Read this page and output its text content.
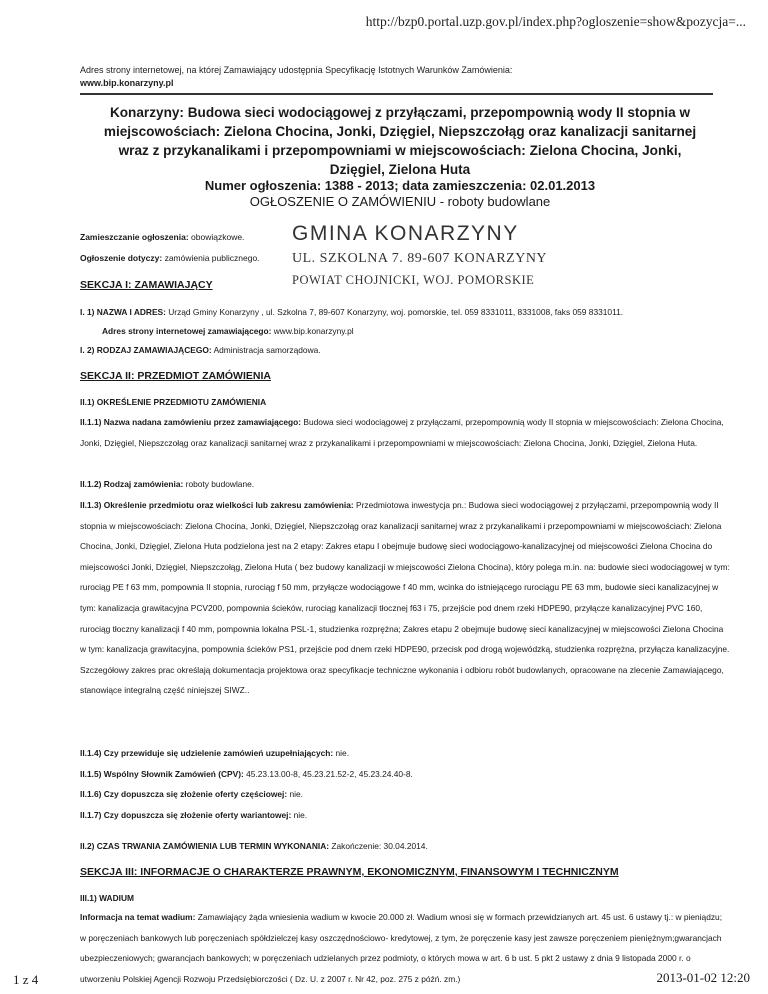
http://bzp0.portal.uzp.gov.pl/index.php?ogloszenie=show&pozycja=...
Adres strony internetowej, na której Zamawiający udostępnia Specyfikację Istotnych Warunków Zamówienia:
www.bip.konarzyny.pl
Konarzyny: Budowa sieci wodociągowej z przyłączami, przepompownią wody II stopnia w miejscowościach: Zielona Chocina, Jonki, Dzięgiel, Niepszczołąg oraz kanalizacji sanitarnej wraz z przykanalikami i przepompowniami w miejscowościach: Zielona Chocina, Jonki, Dzięgiel, Zielona Huta
Numer ogłoszenia: 1388 - 2013; data zamieszczenia: 02.01.2013
OGŁOSZENIE O ZAMÓWIENIU - roboty budowlane
Zamieszczanie ogłoszenia: obowiązkowe.
Ogłoszenie dotyczy: zamówienia publicznego.
GMINA KONARZYNY
UL. SZKOLNA 7. 89-607 KONARZYNY
POWIAT CHOJNICKI, WOJ. POMORSKIE
SEKCJA I: ZAMAWIAJĄCY

I. 1) NAZWA I ADRES: Urząd Gminy Konarzyny , ul. Szkolna 7, 89-607 Konarzyny, woj. pomorskie, tel. 059 8331011, 8331008, faks 059 8331011.

Adres strony internetowej zamawiającego: www.bip.konarzyny.pl

I. 2) RODZAJ ZAMAWIAJĄCEGO: Administracja samorządowa.

SEKCJA II: PRZEDMIOT ZAMÓWIENIA

II.1) OKREŚLENIE PRZEDMIOTU ZAMÓWIENIA

II.1.1) Nazwa nadana zamówieniu przez zamawiającego: Budowa sieci wodociągowej z przyłączami, przepompownią wody II stopnia w miejscowościach: Zielona Chocina, Jonki, Dzięgiel, Niepszczołąg oraz kanalizacji sanitarnej wraz z przykanalikami i przepompowniami w miejscowościach: Zielona Chocina, Jonki, Dzięgiel, Zielona Huta.

II.1.2) Rodzaj zamówienia: roboty budowlane.

II.1.3) Określenie przedmiotu oraz wielkości lub zakresu zamówienia: Przedmiotowa inwestycja pn.: Budowa sieci wodociągowej z przyłączami, przepompownią wody II stopnia w miejscowościach: Zielona Chocina, Jonki, Dzięgiel, Niepszczołąg oraz kanalizacji sanitarnej wraz z przykanalikami i przepompowniami w miejscowościach: Zielona Chocina, Jonki, Dzięgiel, Zielona Huta podzielona jest na 2 etapy: Zakres etapu I obejmuje budowę sieci wodociągowo-kanalizacyjnej od miejscowości Zielona Chocina do miejscowości Jonki, Dzięgiel, Niepszczołąg, Zielona Huta ( bez budowy kanalizacji w miejscowości Zielona Chocina), który polega m.in. na: budowie sieci wodociągowej w tym: rurociąg PE f 63 mm, pompownia II stopnia, rurociąg f 50 mm, przyłącze wodociągowe f 40 mm, wcinka do istniejącego rurociągu PE 63 mm, budowie sieci kanalizacyjnej w tym: kanalizacja grawitacyjna PCV200, pompownia ścieków, rurociąg kanalizacji tłocznej f63 i 75, przejście pod dnem rzeki HDPE90, przyłącze kanalizacyjnej PVC 160, rurociąg tłoczny kanalizacji f 40 mm, pompownia lokalna PSL-1, studzienka rozprężna; Zakres etapu 2 obejmuje budowę sieci kanalizacyjnej w miejscowości Zielona Chocina w tym: kanalizacja grawitacyjna, pompownia ścieków PS1, przejście pod dnem rzeki HDPE90, przecisk pod drogą wojewódzką, studzienka rozprężna, przyłącza kanalizacyjne. Szczegółowy zakres prac określają dokumentacja projektowa oraz specyfikacje techniczne wykonania i odbioru robót budowlanych, opracowane na zlecenie Zamawiającego, stanowiące integralną część niniejszej SIWZ..

II.1.4) Czy przewiduje się udzielenie zamówień uzupełniających: nie.

II.1.5) Wspólny Słownik Zamówień (CPV): 45.23.13.00-8, 45.23.21.52-2, 45.23.24.40-8.

II.1.6) Czy dopuszcza się złożenie oferty częściowej: nie.

II.1.7) Czy dopuszcza się złożenie oferty wariantowej: nie.

II.2) CZAS TRWANIA ZAMÓWIENIA LUB TERMIN WYKONANIA: Zakończenie: 30.04.2014.

SEKCJA III: INFORMACJE O CHARAKTERZE PRAWNYM, EKONOMICZNYM, FINANSOWYM I TECHNICZNYM

III.1) WADIUM

Informacja na temat wadium: Zamawiający żąda wniesienia wadium w kwocie 20.000 zł. Wadium wnosi się w formach przewidzianych art. 45 ust. 6 ustawy tj.: w pieniądzu; w poręczeniach bankowych lub poręczeniach spółdzielczej kasy oszczędnościowo- kredytowej, z tym, że poręczenie kasy jest zawsze poręczeniem pieniężnym;gwarancjach ubezpieczeniowych; gwarancjach bankowych; w poręczeniach udzielanych przez podmioty, o których mowa w art. 6 b ust. 5 pkt 2 ustawy z dnia 9 listopada 2000 r. o utworzeniu Polskiej Agencji Rozwoju Przedsiębiorczości ( Dz. U. z 2007 r. Nr 42, poz. 275 z późń. zm.)

1 z 4	2013-01-02 12:20
